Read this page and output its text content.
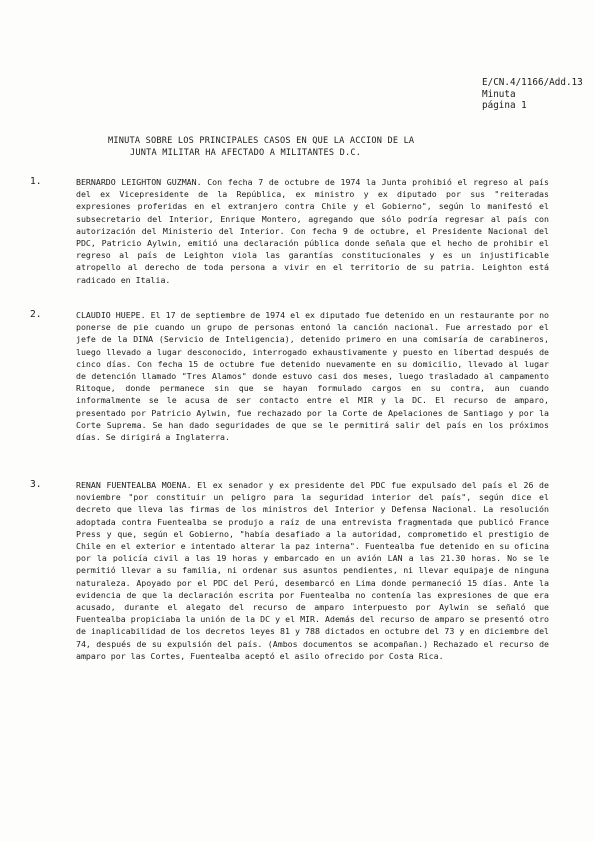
E/CN.4/1166/Add.13
Minuta
página 1
MINUTA SOBRE LOS PRINCIPALES CASOS EN QUE LA ACCION DE LA
JUNTA MILITAR HA AFECTADO A MILITANTES D.C.
1.	BERNARDO LEIGHTON GUZMAN. Con fecha 7 de octubre de 1974 la Junta prohibió el regreso al país del ex Vicepresidente de la República, ex ministro y ex diputado por sus "reiteradas expresiones proferidas en el extranjero contra Chile y el Gobierno", según lo manifestó el subsecretario del Interior, Enrique Montero, agregando que sólo podría regresar al país con autorización del Ministerio del Interior. Con fecha 9 de octubre, el Presidente Nacional del PDC, Patricio Aylwin, emitió una declaración pública donde señala que el hecho de prohibir el regreso al país de Leighton viola las garantías constitucionales y es un injustificable atropello al derecho de toda persona a vivir en el territorio de su patria. Leighton está radicado en Italia.
2.	CLAUDIO HUEPE. El 17 de septiembre de 1974 el ex diputado fue detenido en un restaurante por no ponerse de pie cuando un grupo de personas entonó la canción nacional. Fue arrestado por el jefe de la DINA (Servicio de Inteligencia), detenido primero en una comisaría de carabineros, luego llevado a lugar desconocido, interrogado exhaustivamente y puesto en libertad después de cinco días. Con fecha 15 de octubre fue detenido nuevamente en su domicilio, llevado al lugar de detención llamado "Tres Alamos" donde estuvo casi dos meses, luego trasladado al campamento Ritoque, donde permanece sin que se hayan formulado cargos en su contra, aun cuando informalmente se le acusa de ser contacto entre el MIR y la DC. El recurso de amparo, presentado por Patricio Aylwin, fue rechazado por la Corte de Apelaciones de Santiago y por la Corte Suprema. Se han dado seguridades de que se le permitirá salir del país en los próximos días. Se dirigirá a Inglaterra.
3.	RENAN FUENTEALBA MOENA. El ex senador y ex presidente del PDC fue expulsado del país el 26 de noviembre "por constituir un peligro para la seguridad interior del país", según dice el decreto que lleva las firmas de los ministros del Interior y Defensa Nacional. La resolución adoptada contra Fuentealba se produjo a raíz de una entrevista fragmentada que publicó France Press y que, según el Gobierno, "había desafiado a la autoridad, comprometido el prestigio de Chile en el exterior e intentado alterar la paz interna". Fuentealba fue detenido en su oficina por la policía civil a las 19 horas y embarcado en un avión LAN a las 21.30 horas. No se le permitió llevar a su familia, ni ordenar sus asuntos pendientes, ni llevar equipaje de ninguna naturaleza. Apoyado por el PDC del Perú, desembarcó en Lima donde permaneció 15 días. Ante la evidencia de que la declaración escrita por Fuentealba no contenía las expresiones de que era acusado, durante el alegato del recurso de amparo interpuesto por Aylwin se señaló que Fuentealba propiciaba la unión de la DC y el MIR. Además del recurso de amparo se presentó otro de inaplicabilidad de los decretos leyes 81 y 788 dictados en octubre del 73 y en diciembre del 74, después de su expulsión del país. (Ambos documentos se acompañan.) Rechazado el recurso de amparo por las Cortes, Fuentealba aceptó el asilo ofrecido por Costa Rica.
